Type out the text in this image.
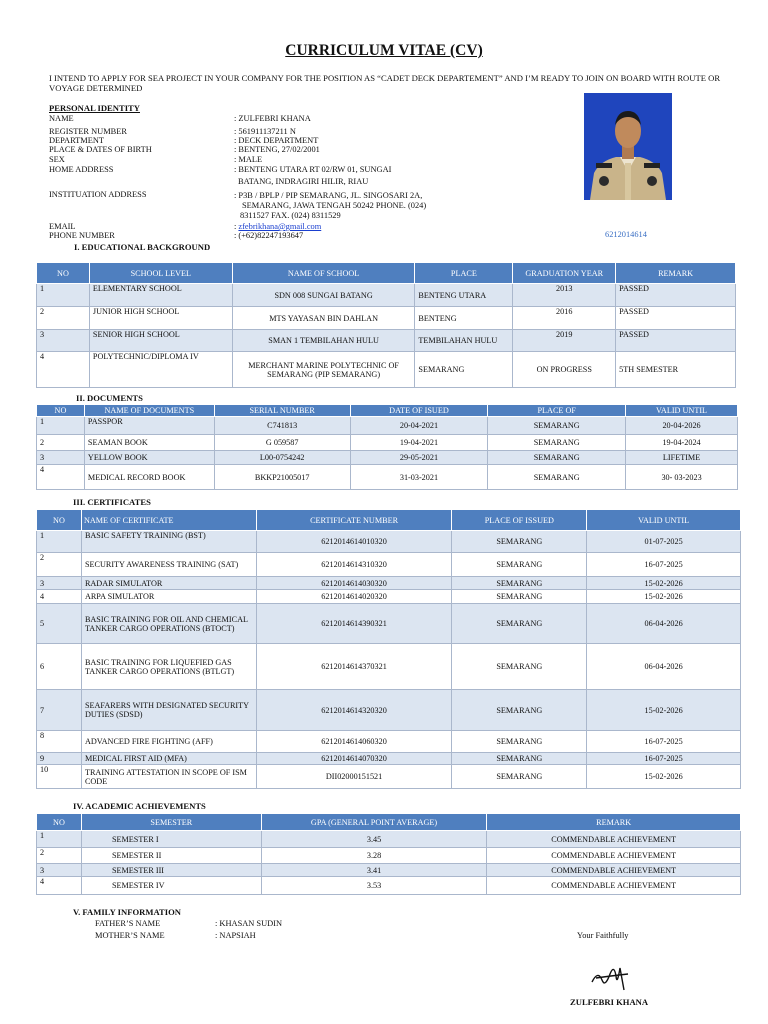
CURRICULUM VITAE (CV)
I INTEND TO APPLY FOR SEA PROJECT IN YOUR COMPANY FOR THE POSITION AS “CADET DECK DEPARTEMENT” AND I’M READY TO JOIN ON BOARD WITH ROUTE OR VOYAGE DETERMINED
PERSONAL IDENTITY
NAME	: ZULFEBRI KHANA
REGISTER NUMBER	: 561911137211 N
DEPARTMENT	: DECK DEPARTMENT
PLACE & DATES OF BIRTH	: BENTENG, 27/02/2001
SEX	: MALE
HOME ADDRESS	: BENTENG UTARA RT 02/RW 01, SUNGAI
BATANG, INDRAGIRI HILIR, RIAU
INSTITUATION ADDRESS	: P3B / BPLP / PIP SEMARANG, JL. SINGOSARI 2A,
SEMARANG, JAWA TENGAH 50242 PHONE. (024)
8311527 FAX. (024) 8311529
EMAIL	: zfebrikhana@gmail.com
PHONE NUMBER	: (+62)82247193647	6212014614
I. EDUCATIONAL BACKGROUND
NO	SCHOOL LEVEL	NAME OF SCHOOL	PLACE	GRADUATION YEAR	REMARK
1	ELEMENTARY SCHOOL	SDN 008 SUNGAI BATANG	BENTENG UTARA	2013	PASSED
2	JUNIOR HIGH SCHOOL	MTS YAYASAN BIN DAHLAN	BENTENG	2016	PASSED
3	SENIOR HIGH SCHOOL	SMAN 1 TEMBILAHAN HULU	TEMBILAHAN HULU	2019	PASSED
4	POLYTECHNIC/DIPLOMA IV	MERCHANT MARINE POLYTECHNIC OF SEMARANG (PIP SEMARANG)	SEMARANG	ON PROGRESS	5TH SEMESTER
II. DOCUMENTS
NO	NAME OF DOCUMENTS	SERIAL NUMBER	DATE OF ISUED	PLACE OF	VALID UNTIL
1	PASSPOR	C741813	20-04-2021	SEMARANG	20-04-2026
2	SEAMAN BOOK	G 059587	19-04-2021	SEMARANG	19-04-2024
3	YELLOW BOOK	L00-0754242	29-05-2021	SEMARANG	LIFETIME
4	MEDICAL RECORD BOOK	BKKP21005017	31-03-2021	SEMARANG	30- 03-2023
III. CERTIFICATES
NO	NAME OF CERTIFICATE	CERTIFICATE NUMBER	PLACE OF ISSUED	VALID UNTIL
1	BASIC SAFETY TRAINING (BST)	6212014614010320	SEMARANG	01-07-2025
2	SECURITY AWARENESS TRAINING (SAT)	6212014614310320	SEMARANG	16-07-2025
3	RADAR SIMULATOR	6212014614030320	SEMARANG	15-02-2026
4	ARPA SIMULATOR	6212014614020320	SEMARANG	15-02-2026
5	BASIC TRAINING FOR OIL AND CHEMICAL TANKER CARGO OPERATIONS (BTOCT)	6212014614390321	SEMARANG	06-04-2026
6	BASIC TRAINING FOR LIQUEFIED GAS TANKER CARGO OPERATIONS (BTLGT)	6212014614370321	SEMARANG	06-04-2026
7	SEAFARERS WITH DESIGNATED SECURITY DUTIES (SDSD)	6212014614320320	SEMARANG	15-02-2026
8	ADVANCED FIRE FIGHTING (AFF)	6212014614060320	SEMARANG	16-07-2025
9	MEDICAL FIRST AID (MFA)	6212014614070320	SEMARANG	16-07-2025
10	TRAINING ATTESTATION IN SCOPE OF ISM CODE	DII02000151521	SEMARANG	15-02-2026
IV. ACADEMIC ACHIEVEMENTS
NO	SEMESTER	GPA (GENERAL POINT AVERAGE)	REMARK
1	SEMESTER I	3.45	COMMENDABLE ACHIEVEMENT
2	SEMESTER II	3.28	COMMENDABLE ACHIEVEMENT
3	SEMESTER III	3.41	COMMENDABLE ACHIEVEMENT
4	SEMESTER IV	3.53	COMMENDABLE ACHIEVEMENT
V. FAMILY INFORMATION
FATHER’S NAME	: KHASAN SUDIN
MOTHER’S NAME	: NAPSIAH	Your Faithfully
ZULFEBRI KHANA
